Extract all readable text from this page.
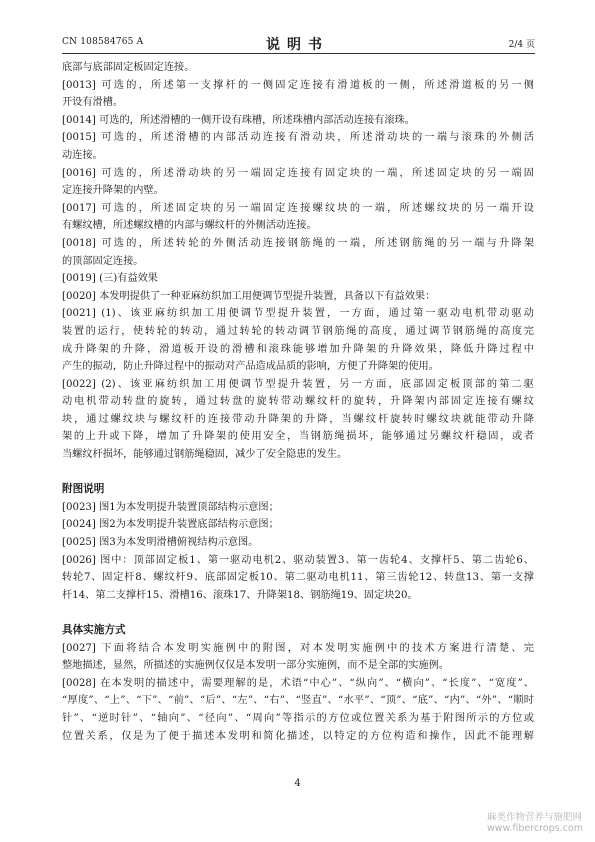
CN 108584765 A	说明书	2/4 页
底部与底部固定板固定连接。
[0013] 可选的，所述第一支撑杆的一侧固定连接有滑道板的一侧，所述滑道板的另一侧
开设有滑槽。
[0014] 可选的，所述滑槽的一侧开设有珠槽，所述珠槽内部活动连接有滚珠。
[0015] 可选的，所述滑槽的内部活动连接有滑动块，所述滑动块的一端与滚珠的外侧活
动连接。
[0016] 可选的，所述滑动块的另一端固定连接有固定块的一端，所述固定块的另一端固
定连接升降架的内壁。
[0017] 可选的，所述固定块的另一端固定连接螺纹块的一端，所述螺纹块的另一端开设
有螺纹槽，所述螺纹槽的内部与螺纹杆的外侧活动连接。
[0018] 可选的，所述转轮的外侧活动连接钢筋绳的一端，所述钢筋绳的另一端与升降架
的顶部固定连接。
[0019] (三)有益效果
[0020] 本发明提供了一种亚麻纺织加工用便调节型提升装置，具备以下有益效果：
[0021] (1)、该亚麻纺织加工用便调节型提升装置，一方面，通过第一驱动电机带动驱动
装置的运行，使转轮的转动，通过转轮的转动调节钢筋绳的高度，通过调节钢筋绳的高度完
成升降架的升降，滑道板开设的滑槽和滚珠能够增加升降架的升降效果，降低升降过程中
产生的振动，防止升降过程中的振动对产品造成品质的影响，方便了升降架的使用。
[0022] (2)、该亚麻纺织加工用便调节型提升装置，另一方面，底部固定板顶部的第二驱
动电机带动转盘的旋转，通过转盘的旋转带动螺纹杆的旋转，升降架内部固定连接有螺纹
块，通过螺纹块与螺纹杆的连接带动升降架的升降，当螺纹杆旋转时螺纹块就能带动升降
架的上升或下降，增加了升降架的使用安全，当钢筋绳损坏，能够通过另螺纹杆稳固，或者
当螺纹杆损坏，能够通过钢筋绳稳固，减少了安全隐患的发生。
附图说明
[0023] 图1为本发明提升装置顶部结构示意图；
[0024] 图2为本发明提升装置底部结构示意图；
[0025] 图3为本发明滑槽俯视结构示意图。
[0026] 图中：顶部固定板1、第一驱动电机2、驱动装置3、第一齿轮4、支撑杆5、第二齿轮6、
转轮7、固定杆8、螺纹杆9、底部固定板10、第二驱动电机11、第三齿轮12、转盘13、第一支撑
杆14、第二支撑杆15、滑槽16、滚珠17、升降架18、钢筋绳19、固定块20。
具体实施方式
[0027] 下面将结合本发明实施例中的附图，对本发明实施例中的技术方案进行清楚、完
整地描述，显然，所描述的实施例仅仅是本发明一部分实施例，而不是全部的实施例。
[0028] 在本发明的描述中，需要理解的是，术语“中心”、“纵向”、“横向”、“长度”、“宽度”、
“厚度”、“上”、“下”、“前”、“后”、“左”、“右”、“竖直”、“水平”、“顶”、“底”、“内”、“外”、“顺时
针”、“逆时针”、“轴向”、“径向”、“周向”等指示的方位或位置关系为基于附图所示的方位或
位置关系，仅是为了便于描述本发明和简化描述，以特定的方位构造和操作，因此不能理解
4
麻类作物营养与施肥网
www.fibercrops.com
